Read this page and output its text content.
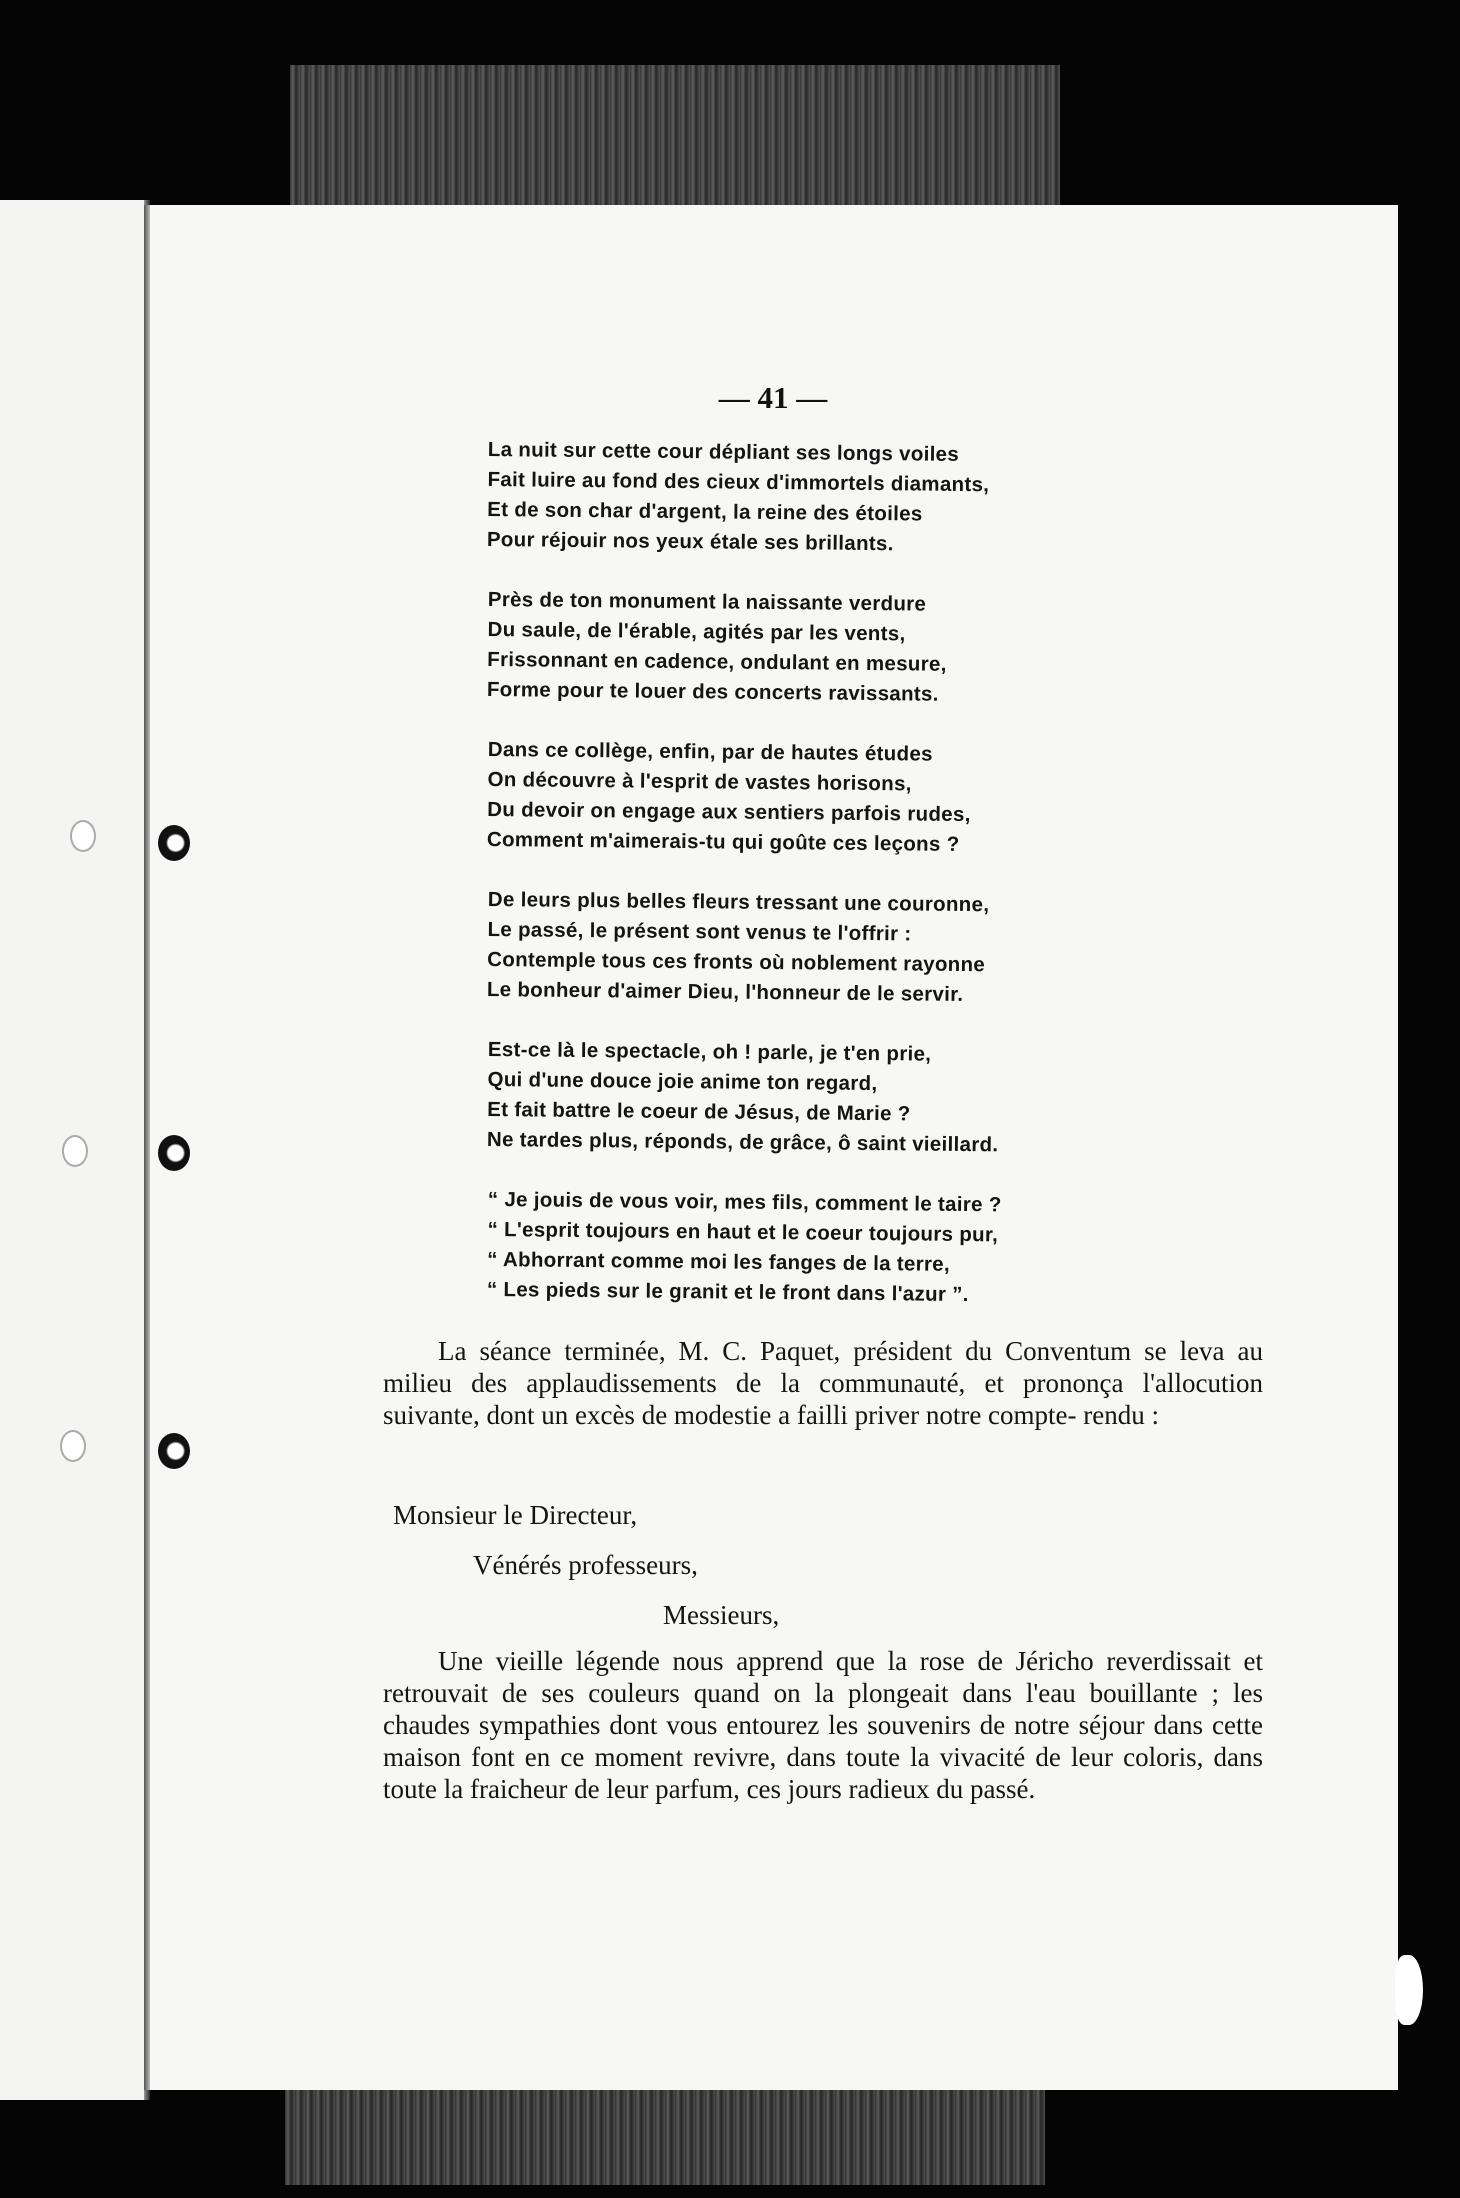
— 41 —
La nuit sur cette cour dépliant ses longs voiles
Fait luire au fond des cieux d'immortels diamants,
Et de son char d'argent, la reine des étoiles
Pour réjouir nos yeux étale ses brillants.
Près de ton monument la naissante verdure
Du saule, de l'érable, agités par les vents,
Frissonnant en cadence, ondulant en mesure,
Forme pour te louer des concerts ravissants.
Dans ce collège, enfin, par de hautes études
On découvre à l'esprit de vastes horisons,
Du devoir on engage aux sentiers parfois rudes,
Comment m'aimerais-tu qui goûte ces leçons ?
De leurs plus belles fleurs tressant une couronne,
Le passé, le présent sont venus te l'offrir :
Contemple tous ces fronts où noblement rayonne
Le bonheur d'aimer Dieu, l'honneur de le servir.
Est-ce là le spectacle, oh ! parle, je t'en prie,
Qui d'une douce joie anime ton regard,
Et fait battre le coeur de Jésus, de Marie ?
Ne tardes plus, réponds, de grâce, ô saint vieillard.
“ Je jouis de vous voir, mes fils, comment le taire ?
“ L'esprit toujours en haut et le coeur toujours pur,
“ Abhorrant comme moi les fanges de la terre,
“ Les pieds sur le granit et le front dans l'azur ”.
La séance terminée, M. C. Paquet, président du Conventum se leva au milieu des applaudissements de la communauté, et prononça l'allocution suivante, dont un excès de modestie a failli priver notre compte- rendu :
Monsieur le Directeur,
Vénérés professeurs,
Messieurs,
Une vieille légende nous apprend que la rose de Jéricho reverdissait et retrouvait de ses couleurs quand on la plongeait dans l'eau bouillante ; les chaudes sympathies dont vous entourez les souvenirs de notre séjour dans cette maison font en ce moment revivre, dans toute la vivacité de leur coloris, dans toute la fraicheur de leur parfum, ces jours radieux du passé.
